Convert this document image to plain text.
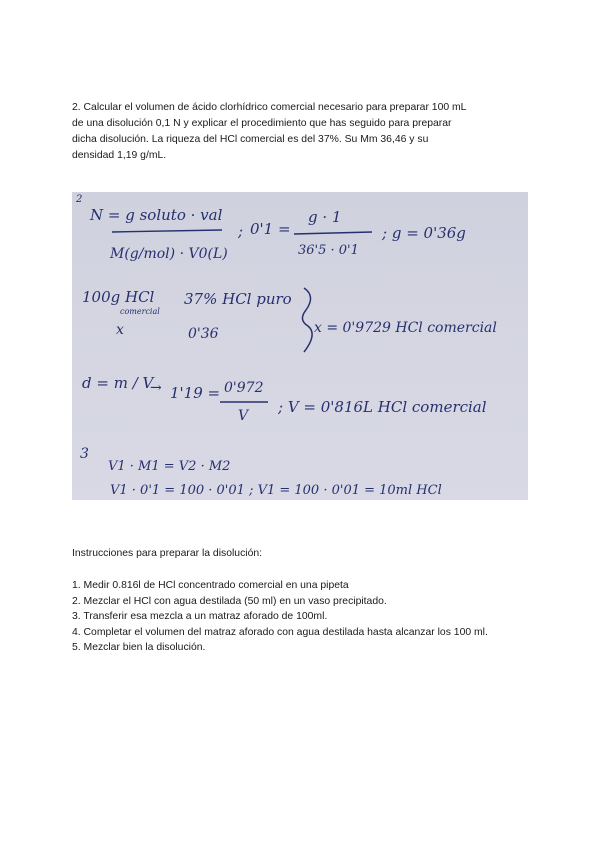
2. Calcular el volumen de ácido clorhídrico comercial necesario para preparar 100 mL
de una disolución 0,1 N y explicar el procedimiento que has seguido para preparar
dicha disolución. La riqueza del HCl comercial es del 37%. Su Mm 36,46 y su
densidad 1,19 g/mL.

2
N = g soluto · val
M(g/mol) · V0(L)
; 0'1 =
g · 1
36'5 · 0'1
; g = 0'36g
100g HCl
comercial
37% HCl puro
x	0'36	x = 0'9729 HCl comercial
d = m / V
→ 1'19 = 0'972
V ; V = 0'816L HCl comercial
3
V1 · M1 = V2 · M2
V1 · 0'1 = 100 · 0'01 ; V1 = 100 · 0'01 = 10ml HCl
Instrucciones para preparar la disolución:
1. Medir 0.816l de HCl concentrado comercial en una pipeta
2. Mezclar el HCl con agua destilada (50 ml) en un vaso precipitado.
3. Transferir esa mezcla a un matraz aforado de 100ml.
4. Completar el volumen del matraz aforado con agua destilada hasta alcanzar los 100 ml.
5. Mezclar bien la disolución.
